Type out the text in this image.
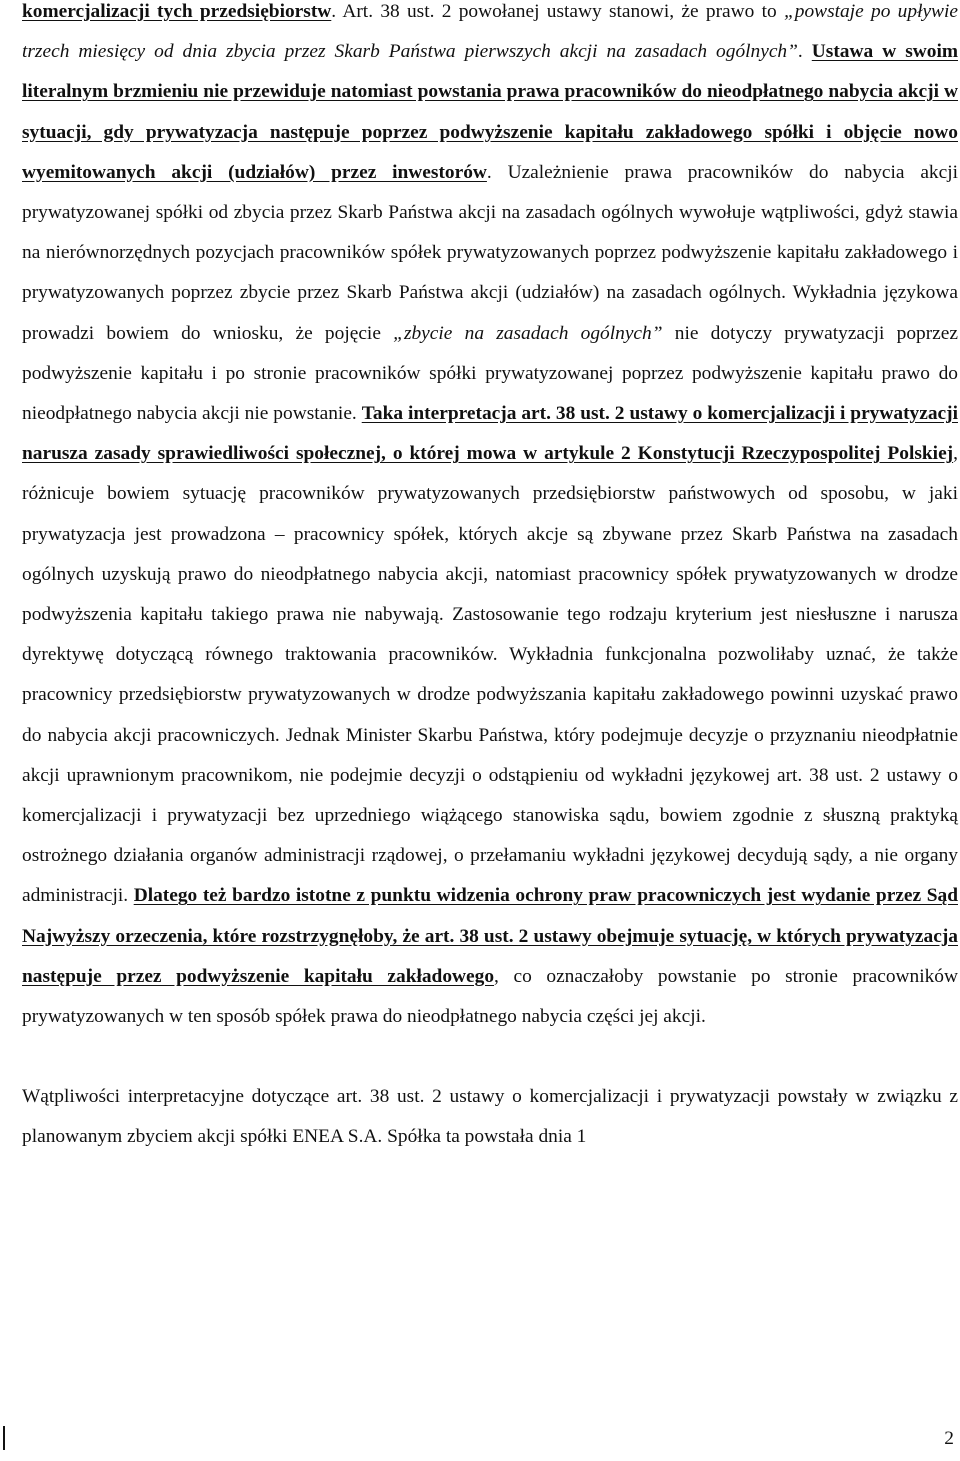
komercjalizacji tych przedsiębiorstw. Art. 38 ust. 2 powołanej ustawy stanowi, że prawo to „powstaje po upływie trzech miesięcy od dnia zbycia przez Skarb Państwa pierwszych akcji na zasadach ogólnych”. Ustawa w swoim literalnym brzmieniu nie przewiduje natomiast powstania prawa pracowników do nieodpłatnego nabycia akcji w sytuacji, gdy prywatyzacja następuje poprzez podwyższenie kapitału zakładowego spółki i objęcie nowo wyemitowanych akcji (udziałów) przez inwestorów. Uzależnienie prawa pracowników do nabycia akcji prywatyzowanej spółki od zbycia przez Skarb Państwa akcji na zasadach ogólnych wywołuje wątpliwości, gdyż stawia na nierównorzędnych pozycjach pracowników spółek prywatyzowanych poprzez podwyższenie kapitału zakładowego i prywatyzowanych poprzez zbycie przez Skarb Państwa akcji (udziałów) na zasadach ogólnych. Wykładnia językowa prowadzi bowiem do wniosku, że pojęcie „zbycie na zasadach ogólnych” nie dotyczy prywatyzacji poprzez podwyższenie kapitału i po stronie pracowników spółki prywatyzowanej poprzez podwyższenie kapitału prawo do nieodpłatnego nabycia akcji nie powstanie. Taka interpretacja art. 38 ust. 2 ustawy o komercjalizacji i prywatyzacji narusza zasady sprawiedliwości społecznej, o której mowa w artykule 2 Konstytucji Rzeczypospolitej Polskiej, różnicuje bowiem sytuację pracowników prywatyzowanych przedsiębiorstw państwowych od sposobu, w jaki prywatyzacja jest prowadzona – pracownicy spółek, których akcje są zbywane przez Skarb Państwa na zasadach ogólnych uzyskują prawo do nieodpłatnego nabycia akcji, natomiast pracownicy spółek prywatyzowanych w drodze podwyższenia kapitału takiego prawa nie nabywają. Zastosowanie tego rodzaju kryterium jest niesłuszne i narusza dyrektywę dotyczącą równego traktowania pracowników. Wykładnia funkcjonalna pozwoliłaby uznać, że także pracownicy przedsiębiorstw prywatyzowanych w drodze podwyższania kapitału zakładowego powinni uzyskać prawo do nabycia akcji pracowniczych. Jednak Minister Skarbu Państwa, który podejmuje decyzje o przyznaniu nieodpłatnie akcji uprawnionym pracownikom, nie podejmie decyzji o odstąpieniu od wykładni językowej art. 38 ust. 2 ustawy o komercjalizacji i prywatyzacji bez uprzedniego wiążącego stanowiska sądu, bowiem zgodnie z słuszną praktyką ostrożnego działania organów administracji rządowej, o przełamaniu wykładni językowej decydują sądy, a nie organy administracji. Dlatego też bardzo istotne z punktu widzenia ochrony praw pracowniczych jest wydanie przez Sąd Najwyższy orzeczenia, które rozstrzygnęłoby, że art. 38 ust. 2 ustawy obejmuje sytuację, w których prywatyzacja następuje przez podwyższenie kapitału zakładowego, co oznaczałoby powstanie po stronie pracowników prywatyzowanych w ten sposób spółek prawa do nieodpłatnego nabycia części jej akcji.

Wątpliwości interpretacyjne dotyczące art. 38 ust. 2 ustawy o komercjalizacji i prywatyzacji powstały w związku z planowanym zbyciem akcji spółki ENEA S.A. Spółka ta powstała dnia 1

2
